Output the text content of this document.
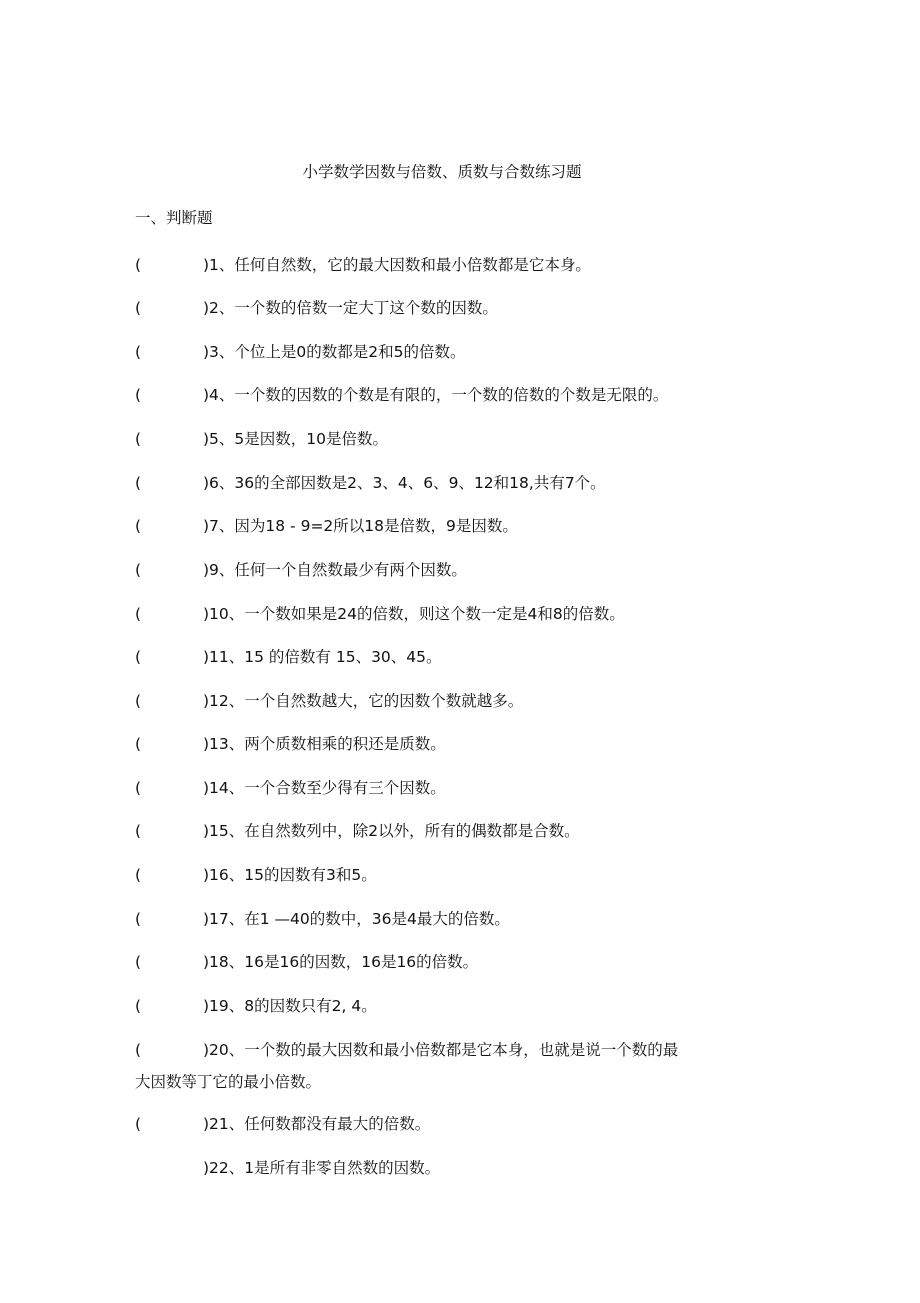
小学数学因数与倍数、质数与合数练习题
一、判断题
(	)1、任何自然数，它的最大因数和最小倍数都是它本身。
(	)2、一个数的倍数一定大丁这个数的因数。
(	)3、个位上是0的数都是2和5的倍数。
(	)4、一个数的因数的个数是有限的，一个数的倍数的个数是无限的。
(	)5、5是因数，10是倍数。
(	)6、36的全部因数是2、3、4、6、9、12和18,共有7个。
(	)7、因为18 - 9=2所以18是倍数，9是因数。
(	)9、任何一个自然数最少有两个因数。
(	)10、一个数如果是24的倍数，则这个数一定是4和8的倍数。
(	)11、15 的倍数有 15、30、45。
(	)12、一个自然数越大，它的因数个数就越多。
(	)13、两个质数相乘的积还是质数。
(	)14、一个合数至少得有三个因数。
(	)15、在自然数列中，除2以外，所有的偶数都是合数。
(	)16、15的因数有3和5。
(	)17、在1 —40的数中，36是4最大的倍数。
(	)18、16是16的因数，16是16的倍数。
(	)19、8的因数只有2, 4。
(	)20、一个数的最大因数和最小倍数都是它本身，也就是说一个数的最
大因数等丁它的最小倍数。
(	)21、任何数都没有最大的倍数。
)22、1是所有非零自然数的因数。
